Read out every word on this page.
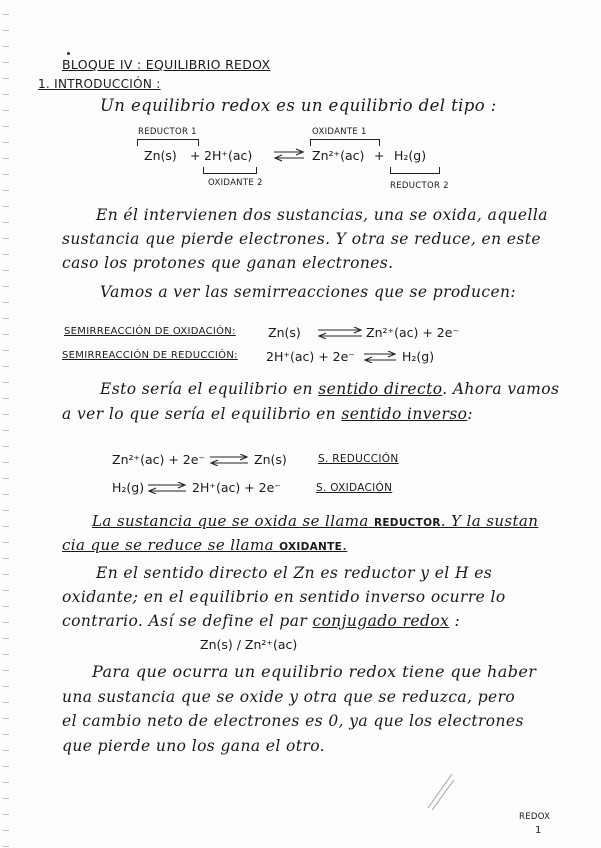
BLOQUE IV : EQUILIBRIO REDOX
1. INTRODUCCIÓN :
Un equilibrio redox es un equilibrio del tipo :
REDUCTOR 1	OXIDANTE 1
Zn(s) + 2H⁺(ac) ⇌ Zn²⁺(ac) + H₂(g)
OXIDANTE 2	REDUCTOR 2
En él intervienen dos sustancias, una se oxida, aquella
sustancia que pierde electrones. Y otra se reduce, en este
caso los protones que ganan electrones.
Vamos a ver las semirreacciones que se producen:
SEMIRREACCIÓN DE OXIDACIÓN:	Zn(s)	Zn²⁺(ac) + 2e⁻
SEMIRREACCIÓN DE REDUCCIÓN: 2H⁺(ac) + 2e⁻	H₂(g)
Esto sería el equilibrio en sentido directo. Ahora vamos
a ver lo que sería el equilibrio en sentido inverso:
Zn²⁺(ac) + 2e⁻	Zn(s)	S. REDUCCIÓN
H₂(g)	2H⁺(ac) + 2e⁻	S. OXIDACIÓN
La sustancia que se oxida se llama REDUCTOR. Y la sustan
cia que se reduce se llama OXIDANTE.
En el sentido directo el Zn es reductor y el H es
oxidante; en el equilibrio en sentido inverso ocurre lo
contrario. Así se define el par conjugado redox :
Zn(s) / Zn²⁺(ac)
Para que ocurra un equilibrio redox tiene que haber
una sustancia que se oxide y otra que se reduzca, pero
el cambio neto de electrones es 0, ya que los electrones
que pierde uno los gana el otro.
REDOX
1
